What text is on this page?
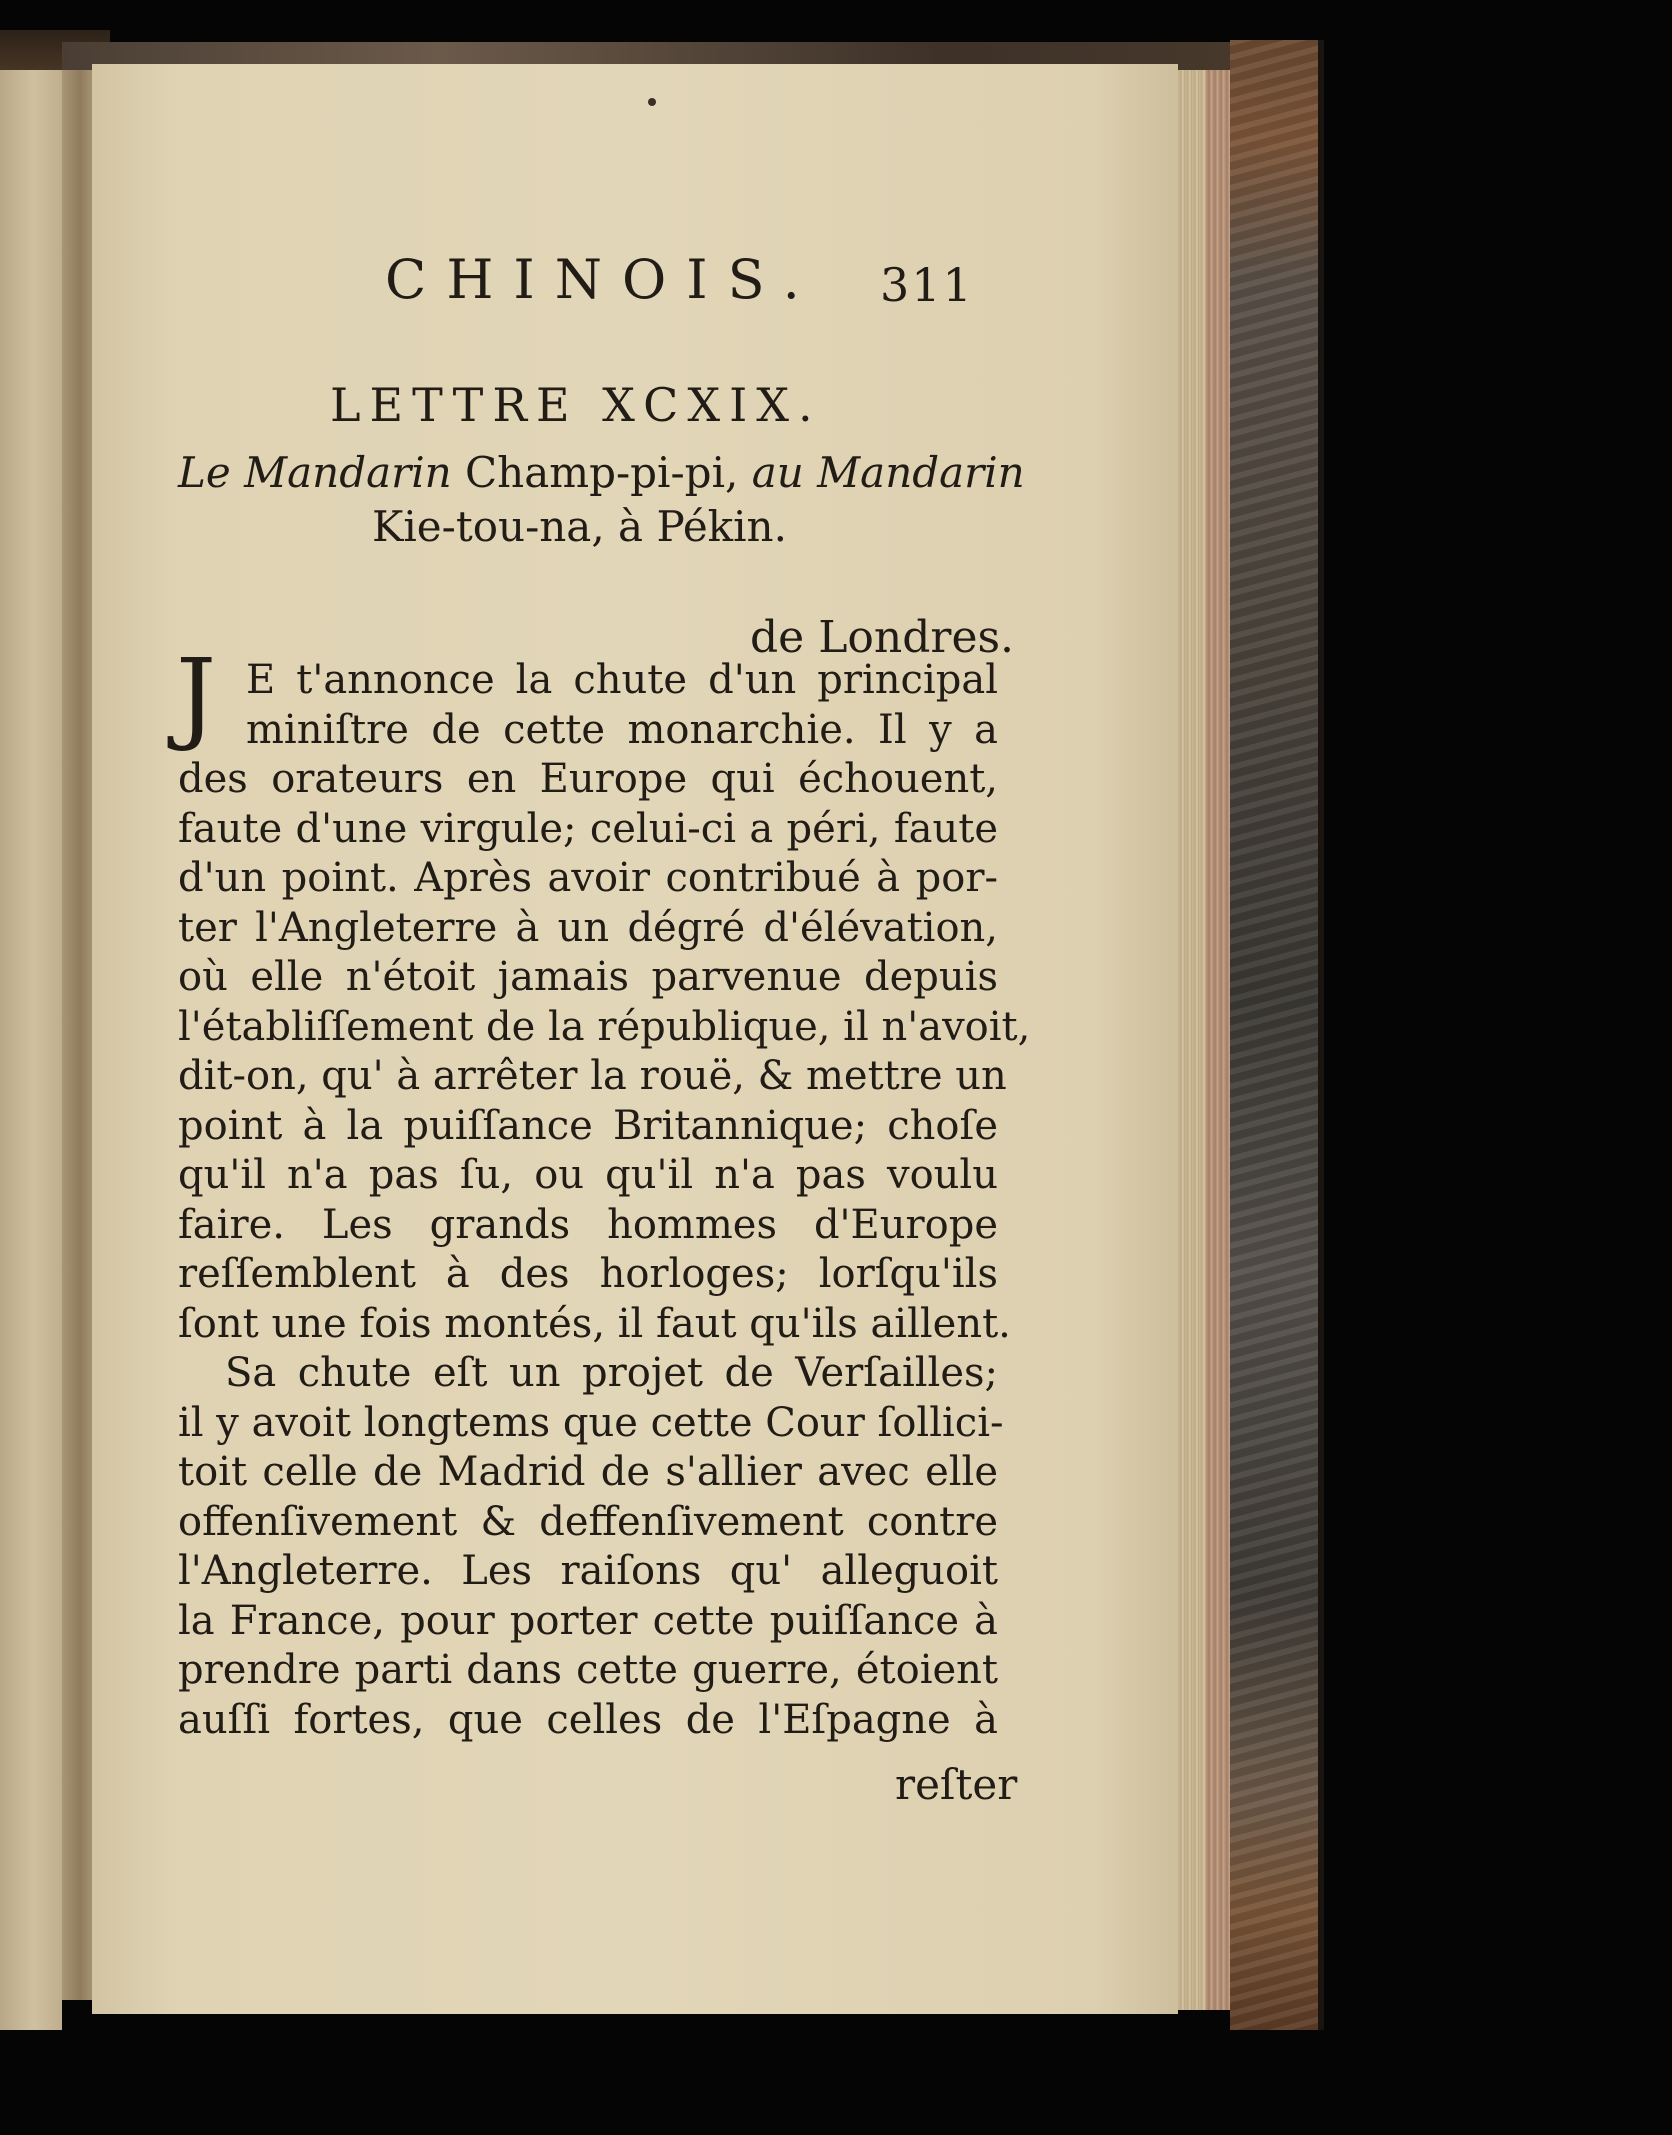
CHINOIS. 311
LETTRE XCXIX.
Le Mandarin Champ-pi-pi, au Mandarin
Kie-tou-na, à Pékin.
de Londres.
J E t'annonce la chute d'un principal
miniſtre de cette monarchie. Il y a
des orateurs en Europe qui échouent,
faute d'une virgule; celui-ci a péri, faute
d'un point. Après avoir contribué à por-
ter l'Angleterre à un dégré d'élévation,
où elle n'étoit jamais parvenue depuis
l'établiſſement de la république, il n'avoit,
dit-on, qu' à arrêter la rouë, & mettre un
point à la puiſſance Britannique; choſe
qu'il n'a pas ſu, ou qu'il n'a pas voulu
faire. Les grands hommes d'Europe
reſſemblent à des horloges; lorſqu'ils
ſont une fois montés, il faut qu'ils aillent.
Sa chute eſt un projet de Verſailles;
il y avoit longtems que cette Cour ſollici-
toit celle de Madrid de s'allier avec elle
offenſivement & deffenſivement contre
l'Angleterre. Les raiſons qu' alleguoit
la France, pour porter cette puiſſance à
prendre parti dans cette guerre, étoient
auſſi fortes, que celles de l'Eſpagne à
reſter
